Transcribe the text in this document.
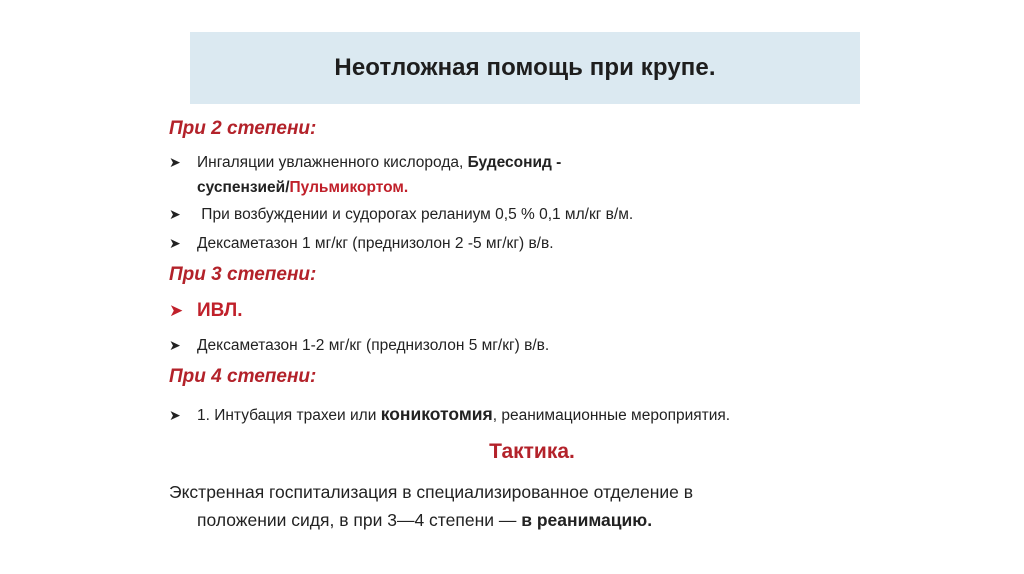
Неотложная помощь при крупе.
При 2 степени:
➤ Ингаляции увлажненного кислорода, Будесонид -
суспензией/Пульмикортом.
➤ При возбуждении и судорогах реланиум 0,5 % 0,1 мл/кг в/м.
➤ Дексаметазон 1 мг/кг (преднизолон 2 -5 мг/кг) в/в.
При 3 степени:
➤ ИВЛ.
➤ Дексаметазон 1-2 мг/кг (преднизолон 5 мг/кг) в/в.
При 4 степени:
➤ 1. Интубация трахеи или коникотомия, реанимационные мероприятия.
Тактика.
Экстренная госпитализация в специализированное отделение в
положении сидя, в при 3—4 степени — в реанимацию.
